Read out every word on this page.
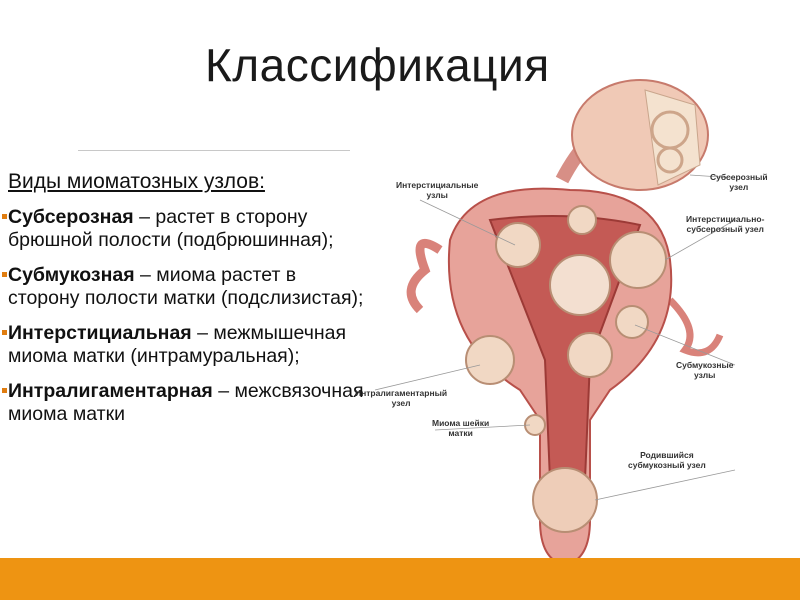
Классификация
Виды миоматозных узлов:
Субсерозная – растет в сторону брюшной полости (подбрюшинная);
Субмукозная – миома растет в сторону полости матки (подслизистая);
Интерстициальная – межмышечная миома матки (интрамуральная);
Интралигаментарная – межсвязочная миома матки
Интерстициальные
узлы
Субсерозный
узел
Интерстициально-
субсерозный узел
Субмукозные
узлы
Интралигаментарный
узел
Миома шейки
матки
Родившийся
субмукозный узел
